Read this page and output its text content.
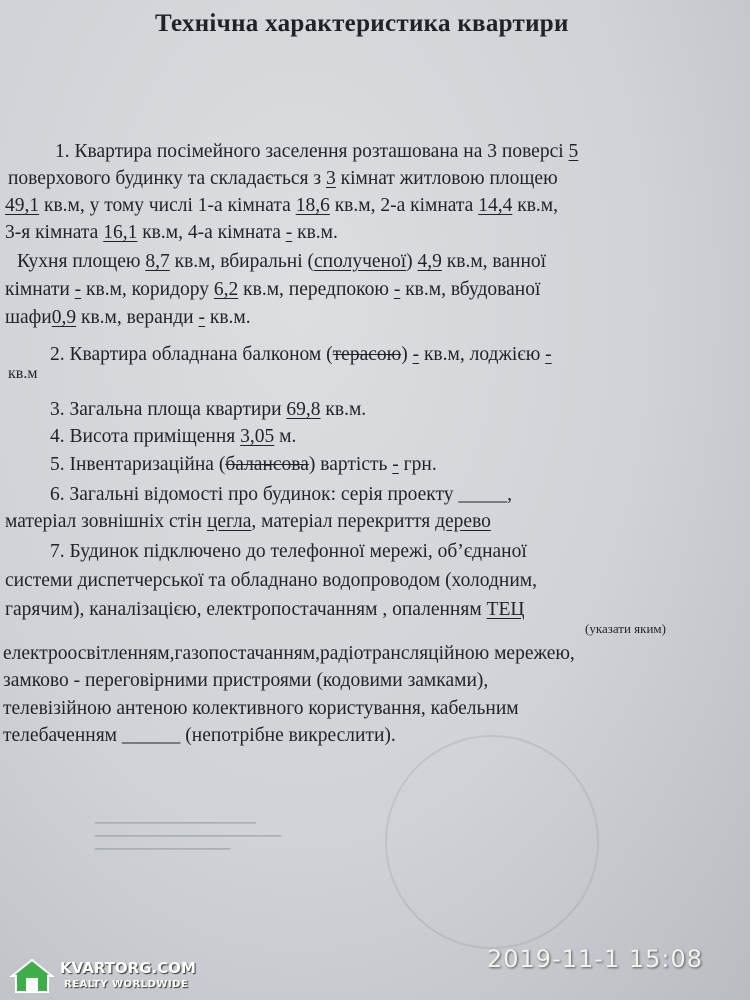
Технічна характеристика квартири
1. Квартира посімейного заселення розташована на 3 поверсі 5
поверхового будинку та складається з 3 кімнат житловою площею
49,1 кв.м, у тому числі 1-а кімната 18,6 кв.м, 2-а кімната 14,4 кв.м,
3-я кімната 16,1 кв.м, 4-а кімната - кв.м.
Кухня площею 8,7 кв.м, вбиральні (сполученої) 4,9 кв.м, ванної
кімнати - кв.м, коридору 6,2 кв.м, передпокою - кв.м, вбудованої
шафи0,9 кв.м, веранди - кв.м.
2. Квартира обладнана балконом (терасою) - кв.м, лоджією -
кв.м
3. Загальна площа квартири 69,8 кв.м.
4. Висота приміщення 3,05 м.
5. Інвентаризаційна (балансова) вартість - грн.
6. Загальні відомості про будинок: серія проекту _____,
матеріал зовнішніх стін цегла, матеріал перекриття дерево
7. Будинок підключено до телефонної мережі, об’єднаної
системи диспетчерської та обладнано водопроводом (холодним,
гарячим), каналізацією, електропостачанням , опаленням ТЕЦ
(указати яким)
електроосвітленням,газопостачанням,радіотрансляційною мережею,
замково - переговірними пристроями (кодовими замками),
телевізійною антеною колективного користування, кабельним
телебаченням ______ (непотрібне викреслити).
▁▁▁▁▁▁▁▁▁▁▁▁▁▁▁▁▁▁▁
▁▁▁▁▁▁▁▁▁▁▁▁▁▁▁▁▁▁▁▁▁▁
▁▁▁▁▁▁▁▁▁▁▁▁▁▁▁▁
2019-11-1 15:08
KVARTORG.COM
REALTY WORLDWIDE
